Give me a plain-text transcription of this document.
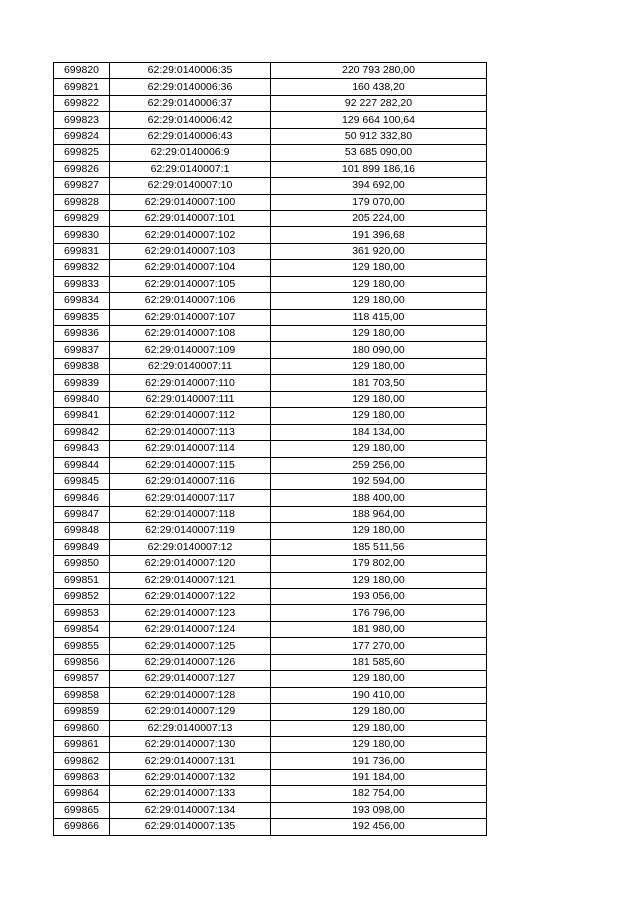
699820	62:29:0140006:35	220 793 280,00
699821	62:29:0140006:36	160 438,20
699822	62:29:0140006:37	92 227 282,20
699823	62:29:0140006:42	129 664 100,64
699824	62:29:0140006:43	50 912 332,80
699825	62:29:0140006:9	53 685 090,00
699826	62:29:0140007:1	101 899 186,16
699827	62:29:0140007:10	394 692,00
699828	62:29:0140007:100	179 070,00
699829	62:29:0140007:101	205 224,00
699830	62:29:0140007:102	191 396,68
699831	62:29:0140007:103	361 920,00
699832	62:29:0140007:104	129 180,00
699833	62:29:0140007:105	129 180,00
699834	62:29:0140007:106	129 180,00
699835	62:29:0140007:107	118 415,00
699836	62:29:0140007:108	129 180,00
699837	62:29:0140007:109	180 090,00
699838	62:29:0140007:11	129 180,00
699839	62:29:0140007:110	181 703,50
699840	62:29:0140007:111	129 180,00
699841	62:29:0140007:112	129 180,00
699842	62:29:0140007:113	184 134,00
699843	62:29:0140007:114	129 180,00
699844	62:29:0140007:115	259 256,00
699845	62:29:0140007:116	192 594,00
699846	62:29:0140007:117	188 400,00
699847	62:29:0140007:118	188 964,00
699848	62:29:0140007:119	129 180,00
699849	62:29:0140007:12	185 511,56
699850	62:29:0140007:120	179 802,00
699851	62:29:0140007:121	129 180,00
699852	62:29:0140007:122	193 056,00
699853	62:29:0140007:123	176 796,00
699854	62:29:0140007:124	181 980,00
699855	62:29:0140007:125	177 270,00
699856	62:29:0140007:126	181 585,60
699857	62:29:0140007:127	129 180,00
699858	62:29:0140007:128	190 410,00
699859	62:29:0140007:129	129 180,00
699860	62:29:0140007:13	129 180,00
699861	62:29:0140007:130	129 180,00
699862	62:29:0140007:131	191 736,00
699863	62:29:0140007:132	191 184,00
699864	62:29:0140007:133	182 754,00
699865	62:29:0140007:134	193 098,00
699866	62:29:0140007:135	192 456,00
